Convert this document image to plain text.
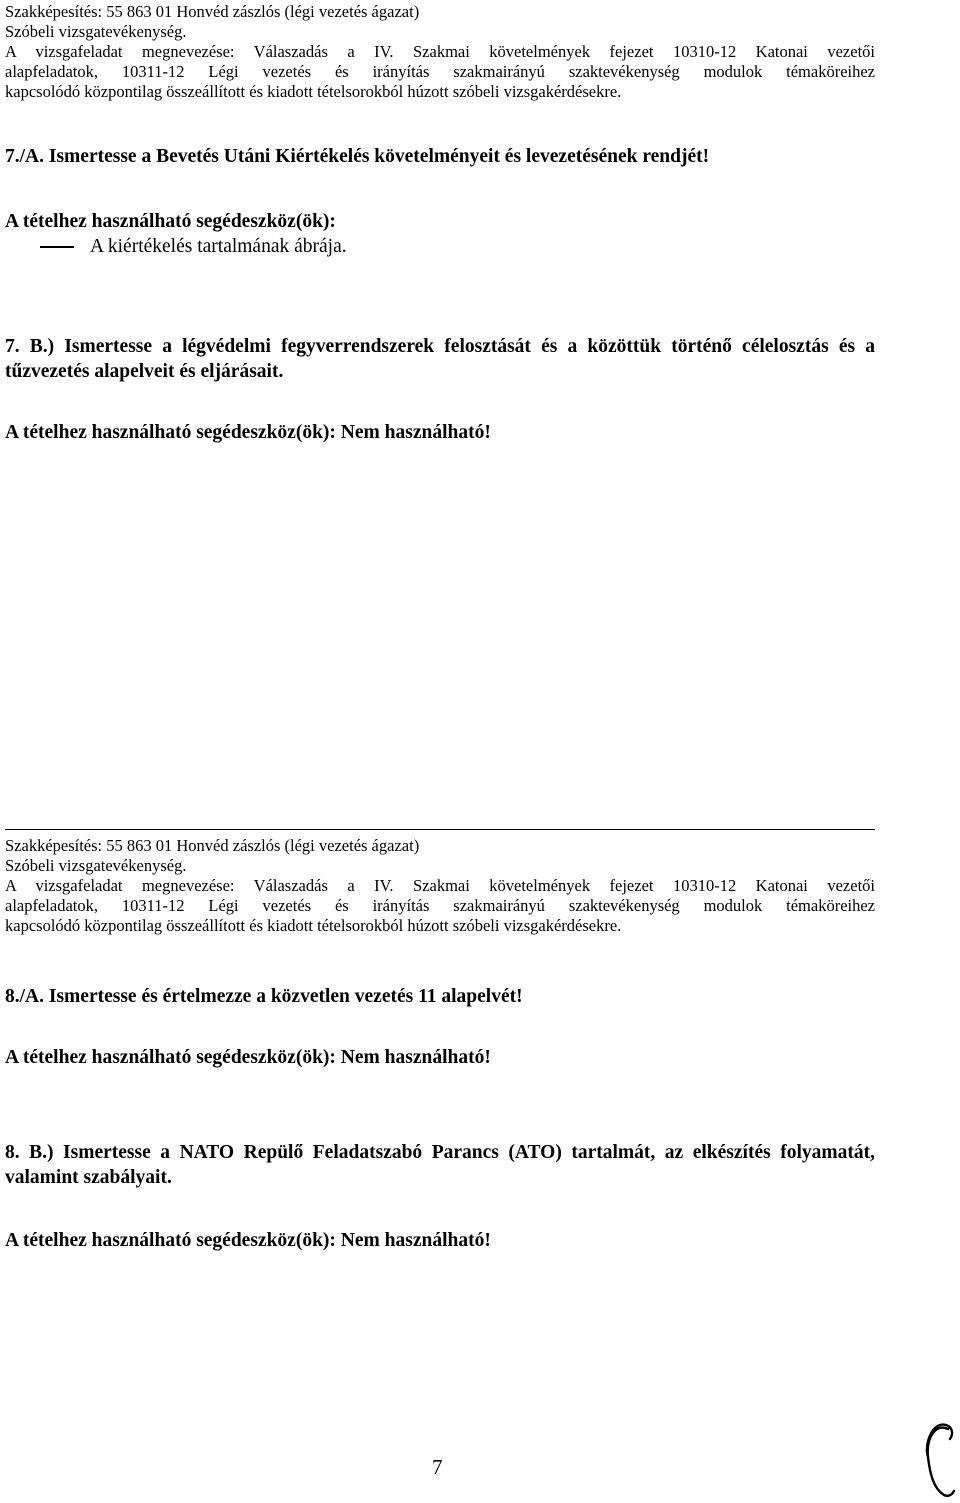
Szakképesítés: 55 863 01 Honvéd zászlós (légi vezetés ágazat)
Szóbeli vizsgatevékenység.
A vizsgafeladat megnevezése: Válaszadás a IV. Szakmai követelmények fejezet 10310-12 Katonai vezetői
alapfeladatok, 10311-12 Légi vezetés és irányítás szakmairányú szaktevékenység modulok témaköreihez
kapcsolódó központilag összeállított és kiadott tételsorokból húzott szóbeli vizsgakérdésekre.
7./A. Ismertesse a Bevetés Utáni Kiértékelés követelményeit és levezetésének rendjét!
A tételhez használható segédeszköz(ök):
A kiértékelés tartalmának ábrája.
7. B.) Ismertesse a légvédelmi fegyverrendszerek felosztását és a közöttük történő célelosztás és a tűzvezetés alapelveit és eljárásait.
A tételhez használható segédeszköz(ök): Nem használható!
Szakképesítés: 55 863 01 Honvéd zászlós (légi vezetés ágazat)
Szóbeli vizsgatevékenység.
A vizsgafeladat megnevezése: Válaszadás a IV. Szakmai követelmények fejezet 10310-12 Katonai vezetői
alapfeladatok, 10311-12 Légi vezetés és irányítás szakmairányú szaktevékenység modulok témaköreihez
kapcsolódó központilag összeállított és kiadott tételsorokból húzott szóbeli vizsgakérdésekre.
8./A. Ismertesse és értelmezze a közvetlen vezetés 11 alapelvét!
A tételhez használható segédeszköz(ök): Nem használható!
8. B.) Ismertesse a NATO Repülő Feladatszabó Parancs (ATO) tartalmát, az elkészítés folyamatát, valamint szabályait.
A tételhez használható segédeszköz(ök): Nem használható!
7
